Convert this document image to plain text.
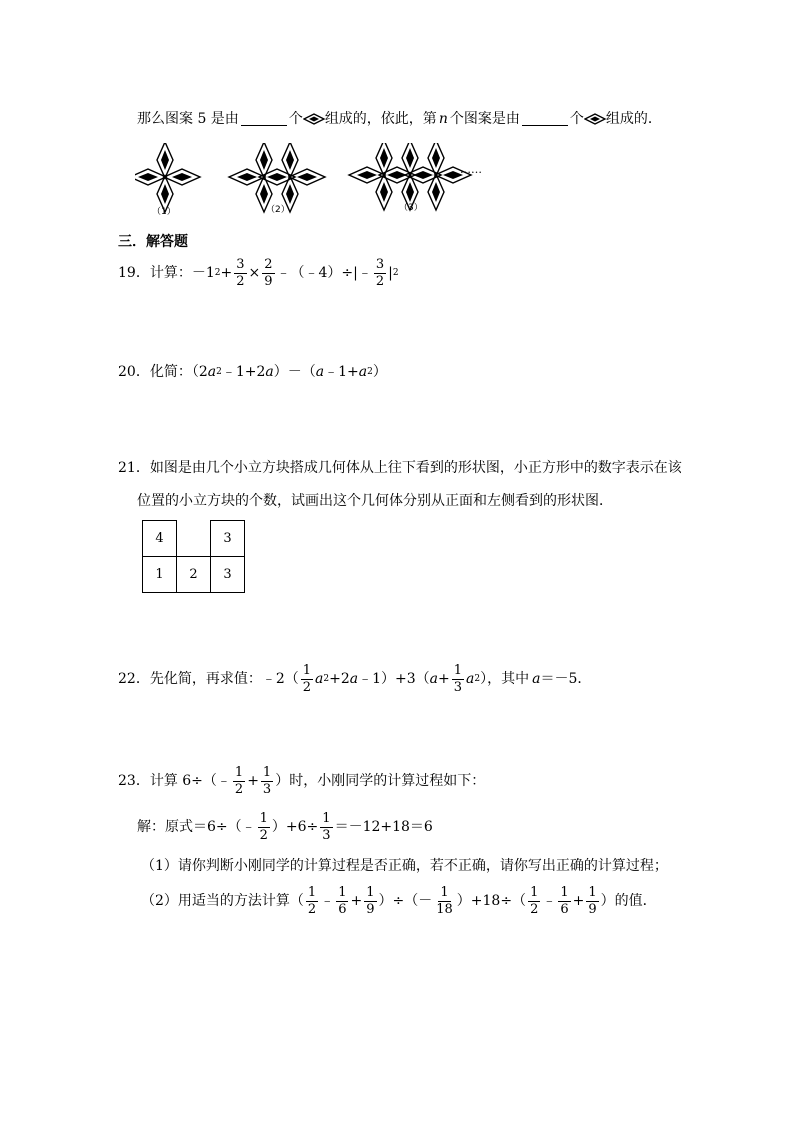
那么图案 5 是由	个 组成的，依此，第 n 个图案是由	个 组成的．
（1）	（2）	（3）
……
三．解答题
19．计算： －1 $2 + \frac{3}{2} \times \frac{2}{9}$ ﹣（﹣4）÷|﹣ $\frac{3}{2}$ | 2
20．化简：（2 a 2 ﹣1+2 a ）－（ a ﹣1+ a 2 ）
21．如图是由几个小立方块搭成几何体从上往下看到的形状图，小正方形中的数字表示在该
位置的小立方块的个数，试画出这个几何体分别从正面和左侧看到的形状图．
4		3
1	2	3
22．先化简，再求值：﹣2（ $\frac{1}{2}$ a 2 +2 a ﹣1）+3（ $a + \frac{1}{3}$ a 2 ），其中 a ＝－5．
23．计算 6÷（﹣ $\frac{1}{2} + \frac{1}{3}$ ）时，小刚同学的计算过程如下：
解：原式＝6÷（﹣ $\frac{1}{2} )+6\div \frac{1}{3} =-12+18=6$
（1）请你判断小刚同学的计算过程是否正确，若不正确，请你写出正确的计算过程；
（2）用适当的方法计算（ $\frac{1}{2}$ ﹣ $\frac{1}{6} + \frac{1}{9}$ ）÷（－ $\frac{1}{18} )+18\div( \frac{1}{2}$ ﹣ $\frac{1}{6} + \frac{1}{9}$ ）的值．
